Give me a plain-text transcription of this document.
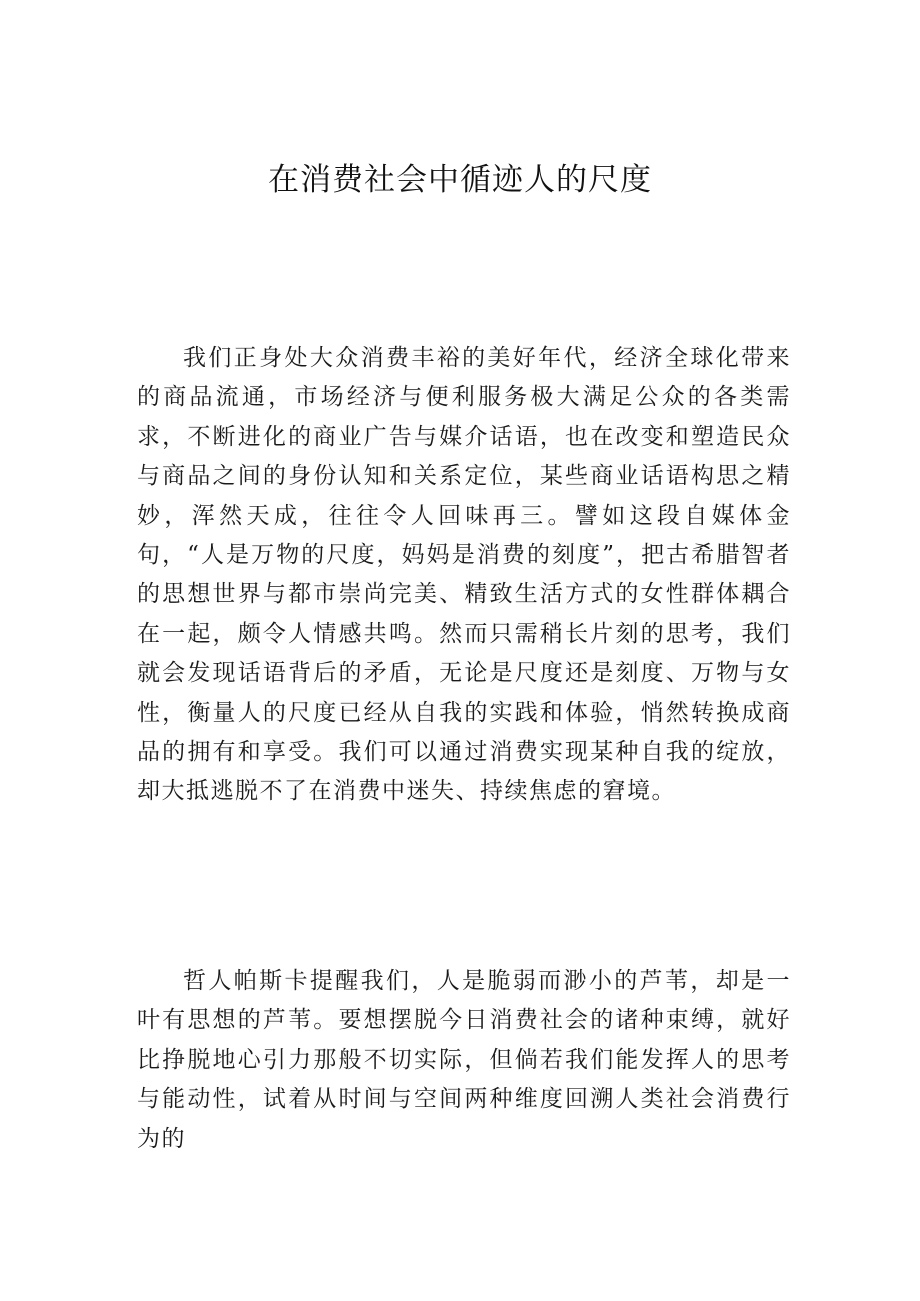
在消费社会中循迹人的尺度

我们正身处大众消费丰裕的美好年代，经济全球化带来的商品流通，市场经济与便利服务极大满足公众的各类需求，不断进化的商业广告与媒介话语，也在改变和塑造民众与商品之间的身份认知和关系定位，某些商业话语构思之精妙，浑然天成，往往令人回味再三。譬如这段自媒体金句，“人是万物的尺度，妈妈是消费的刻度”，把古希腊智者的思想世界与都市崇尚完美、精致生活方式的女性群体耦合在一起，颇令人情感共鸣。然而只需稍长片刻的思考，我们就会发现话语背后的矛盾，无论是尺度还是刻度、万物与女性，衡量人的尺度已经从自我的实践和体验，悄然转换成商品的拥有和享受。我们可以通过消费实现某种自我的绽放，却大抵逃脱不了在消费中迷失、持续焦虑的窘境。

哲人帕斯卡提醒我们，人是脆弱而渺小的芦苇，却是一叶有思想的芦苇。要想摆脱今日消费社会的诸种束缚，就好比挣脱地心引力那般不切实际，但倘若我们能发挥人的思考与能动性，试着从时间与空间两种维度回溯人类社会消费行为的
